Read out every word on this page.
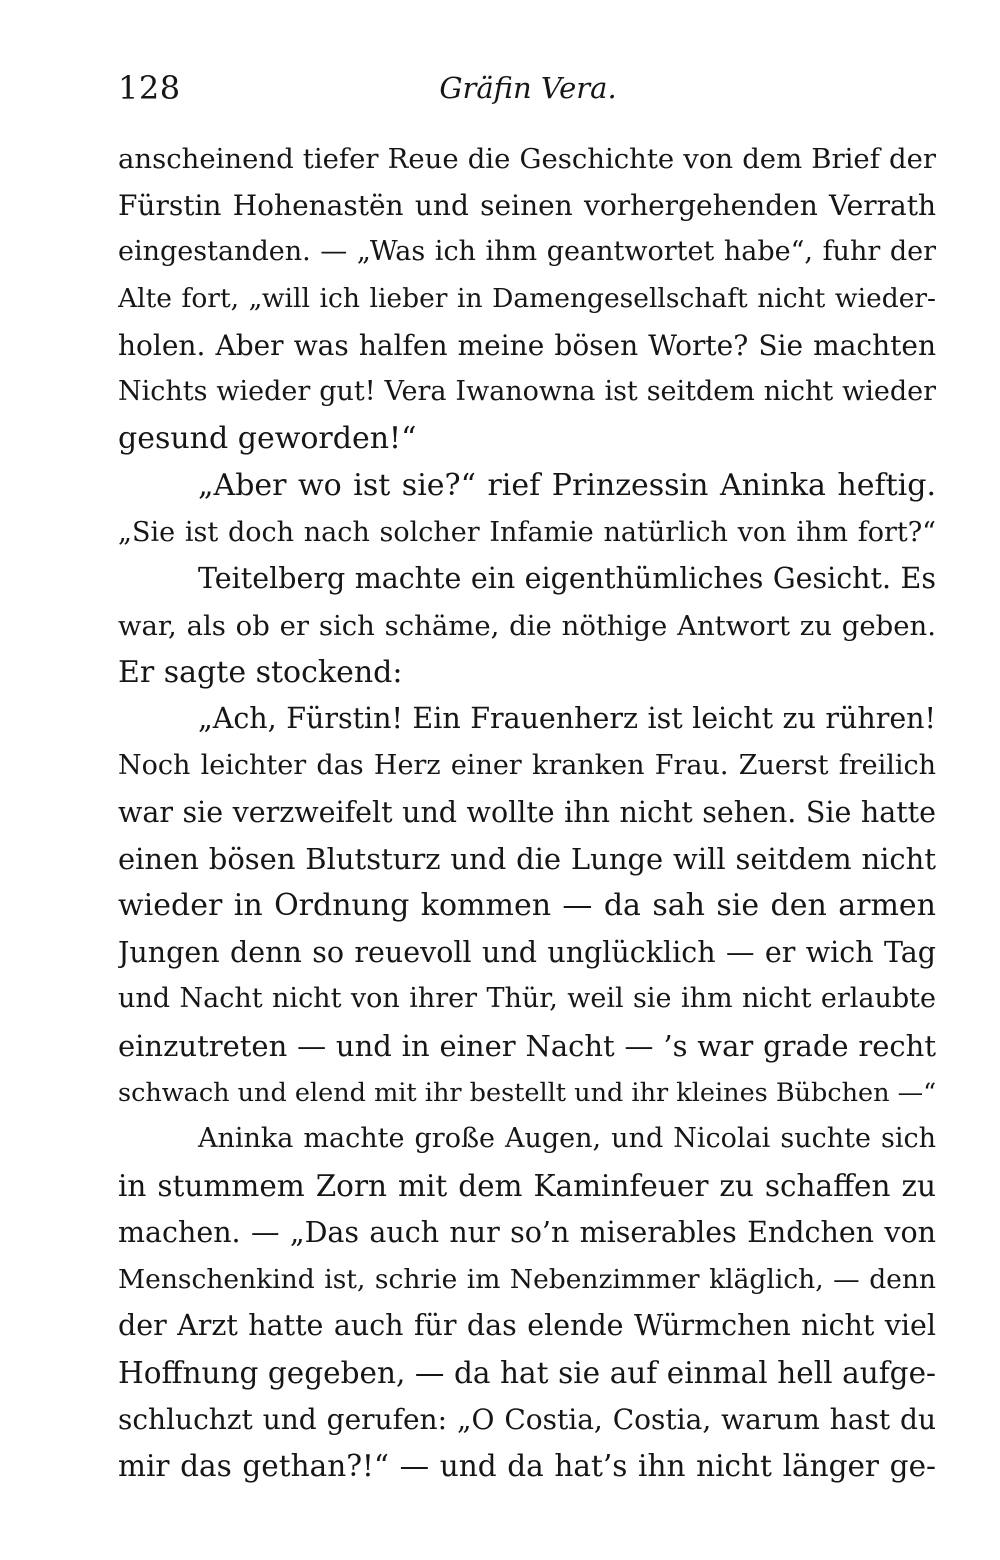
128	Gräfin Vera.
anscheinend tiefer Reue die Geschichte von dem Brief der
Fürstin Hohenastën und seinen vorhergehenden Verrath
eingestanden. — „Was ich ihm geantwortet habe“, fuhr der
Alte fort, „will ich lieber in Damengesellschaft nicht wieder-
holen. Aber was halfen meine bösen Worte? Sie machten
Nichts wieder gut! Vera Iwanowna ist seitdem nicht wieder
gesund geworden!“
„Aber wo ist sie?“ rief Prinzessin Aninka heftig.
„Sie ist doch nach solcher Infamie natürlich von ihm fort?“
Teitelberg machte ein eigenthümliches Gesicht. Es
war, als ob er sich schäme, die nöthige Antwort zu geben.
Er sagte stockend:
„Ach, Fürstin! Ein Frauenherz ist leicht zu rühren!
Noch leichter das Herz einer kranken Frau. Zuerst freilich
war sie verzweifelt und wollte ihn nicht sehen. Sie hatte
einen bösen Blutsturz und die Lunge will seitdem nicht
wieder in Ordnung kommen — da sah sie den armen
Jungen denn so reuevoll und unglücklich — er wich Tag
und Nacht nicht von ihrer Thür, weil sie ihm nicht erlaubte
einzutreten — und in einer Nacht — ’s war grade recht
schwach und elend mit ihr bestellt und ihr kleines Bübchen —“
Aninka machte große Augen, und Nicolai suchte sich
in stummem Zorn mit dem Kaminfeuer zu schaffen zu
machen. — „Das auch nur so’n miserables Endchen von
Menschenkind ist, schrie im Nebenzimmer kläglich, — denn
der Arzt hatte auch für das elende Würmchen nicht viel
Hoffnung gegeben, — da hat sie auf einmal hell aufge-
schluchzt und gerufen: „O Costia, Costia, warum hast du
mir das gethan?!“ — und da hat’s ihn nicht länger ge-
